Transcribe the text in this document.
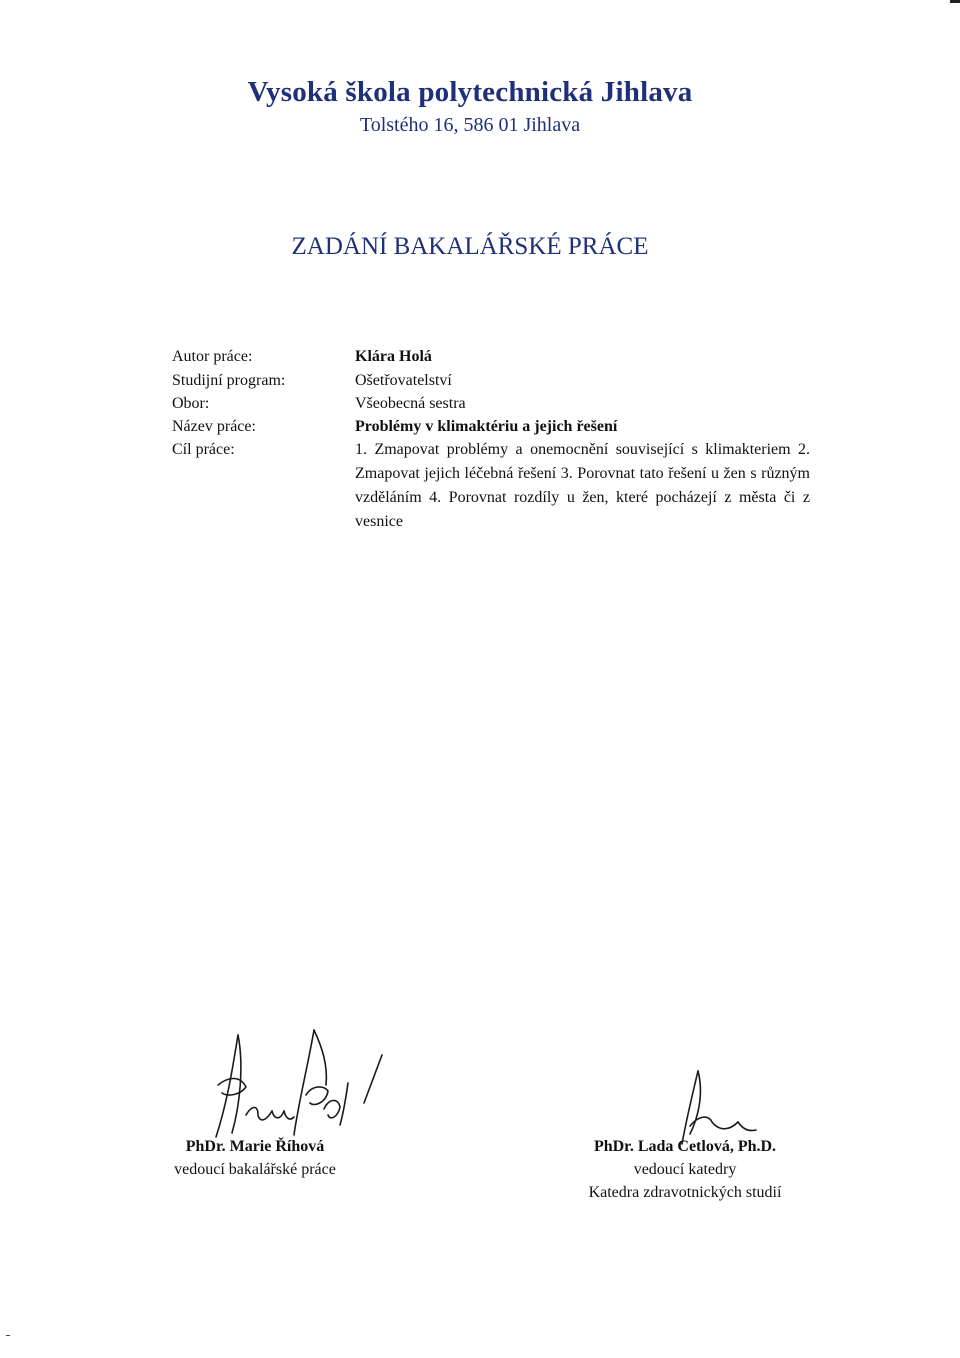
Vysoká škola polytechnická Jihlava
Tolstého 16, 586 01 Jihlava
ZADÁNÍ BAKALÁŘSKÉ PRÁCE
Autor práce:	Klára Holá
Studijní program:	Ošetřovatelství
Obor:	Všeobecná sestra
Název práce:	Problémy v klimaktériu a jejich řešení
Cíl práce:	1. Zmapovat problémy a onemocnění související s klimakteriem 2. Zmapovat jejich léčebná řešení 3. Porovnat tato řešení u žen s různým vzděláním 4. Porovnat rozdíly u žen, které pocházejí z města či z vesnice
PhDr. Marie Říhová
vedoucí bakalářské práce
PhDr. Lada Cetlová, Ph.D.
vedoucí katedry
Katedra zdravotnických studií
